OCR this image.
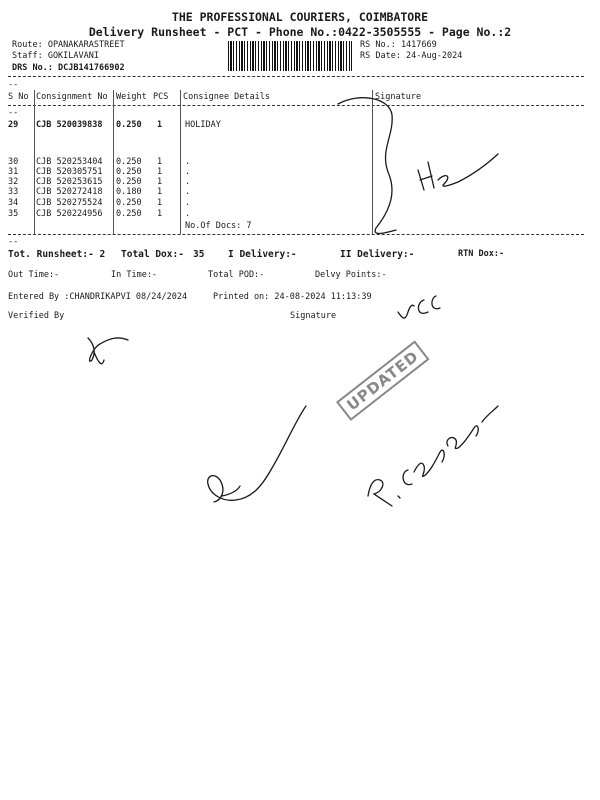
THE PROFESSIONAL COURIERS, COIMBATORE
Delivery Runsheet - PCT - Phone No.:0422-3505555 - Page No.:2
Route: OPANAKARASTREET
Staff: GOKILAVANI
DRS No.: DCJB141766902
RS No.: 1417669
RS Date: 24-Aug-2024
--
S No Consignment No Weight PCS Consignee Details	Signature
--
29 CJB 520039838 0.250 1	HOLIDAY
30 CJB 520253404 0.250 1	.
31 CJB 520305751 0.250 1	.
32 CJB 520253615 0.250 1	.
33 CJB 520272418 0.180 1	.
34 CJB 520275524 0.250 1	.
35 CJB 520224956 0.250 1	.
No.Of Docs: 7
--
Tot. Runsheet:- 2 Total Dox:- 35 I Delivery:-	II Delivery:-	RTN Dox:-
Out Time:-	In Time:-	Total POD:-	Delvy Points:-
Entered By :CHANDRIKAPVI 08/24/2024	Printed on: 24-08-2024 11:13:39
Verified By	Signature
UPDATED
